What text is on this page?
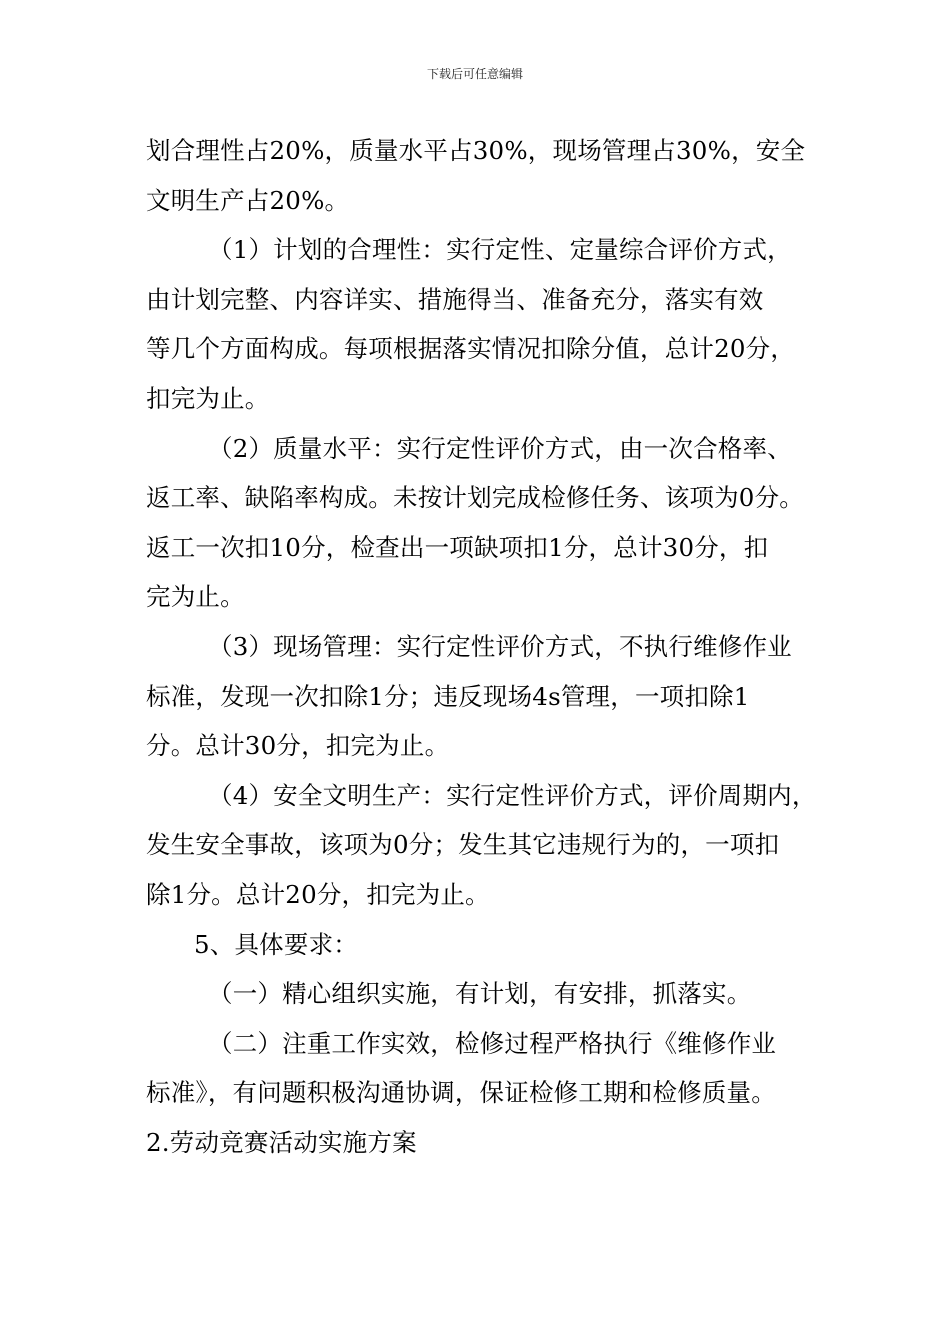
下载后可任意编辑
划合理性占20%，质量水平占30%，现场管理占30%，安全
文明生产占20%。
（1）计划的合理性：实行定性、定量综合评价方式，
由计划完整、内容详实、措施得当、准备充分，落实有效
等几个方面构成。每项根据落实情况扣除分值，总计20分，
扣完为止。
（2）质量水平：实行定性评价方式，由一次合格率、
返工率、缺陷率构成。未按计划完成检修任务、该项为0分。
返工一次扣10分，检查出一项缺项扣1分，总计30分，扣
完为止。
（3）现场管理：实行定性评价方式，不执行维修作业
标准，发现一次扣除1分；违反现场4s管理，一项扣除1
分。总计30分，扣完为止。
（4）安全文明生产：实行定性评价方式，评价周期内，
发生安全事故，该项为0分；发生其它违规行为的，一项扣
除1分。总计20分，扣完为止。
5、具体要求：
（一）精心组织实施，有计划，有安排，抓落实。
（二）注重工作实效，检修过程严格执行《维修作业
标准》，有问题积极沟通协调，保证检修工期和检修质量。
2.劳动竞赛活动实施方案
